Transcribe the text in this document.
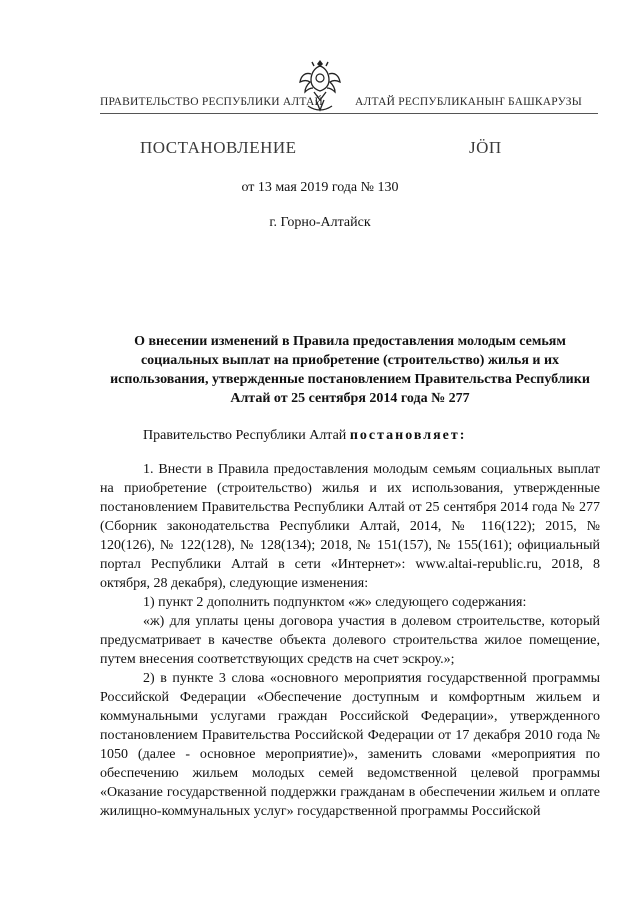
ПРАВИТЕЛЬСТВО РЕСПУБЛИКИ АЛТАЙ	АЛТАЙ РЕСПУБЛИКАНЫҤ БАШКАРУЗЫ
ПОСТАНОВЛЕНИЕ	ЈÖП
от 13 мая 2019 года № 130
г. Горно-Алтайск
О внесении изменений в Правила предоставления молодым семьям социальных выплат на приобретение (строительство) жилья и их использования, утвержденные постановлением Правительства Республики Алтай от 25 сентября 2014 года № 277
Правительство Республики Алтай постановляет:

1. Внести в Правила предоставления молодым семьям социальных выплат на приобретение (строительство) жилья и их использования, утвержденные постановлением Правительства Республики Алтай от 25 сентября 2014 года № 277 (Сборник законодательства Республики Алтай, 2014, № 116(122); 2015, № 120(126), № 122(128), № 128(134); 2018, № 151(157), № 155(161); официальный портал Республики Алтай в сети «Интернет»: www.altai-republic.ru, 2018, 8 октября, 28 декабря), следующие изменения:

1) пункт 2 дополнить подпунктом «ж» следующего содержания:

«ж) для уплаты цены договора участия в долевом строительстве, который предусматривает в качестве объекта долевого строительства жилое помещение, путем внесения соответствующих средств на счет эскроу.»;

2) в пункте 3 слова «основного мероприятия государственной программы Российской Федерации «Обеспечение доступным и комфортным жильем и коммунальными услугами граждан Российской Федерации», утвержденного постановлением Правительства Российской Федерации от 17 декабря 2010 года № 1050 (далее - основное мероприятие)», заменить словами «мероприятия по обеспечению жильем молодых семей ведомственной целевой программы «Оказание государственной поддержки гражданам в обеспечении жильем и оплате жилищно-коммунальных услуг» государственной программы Российской
